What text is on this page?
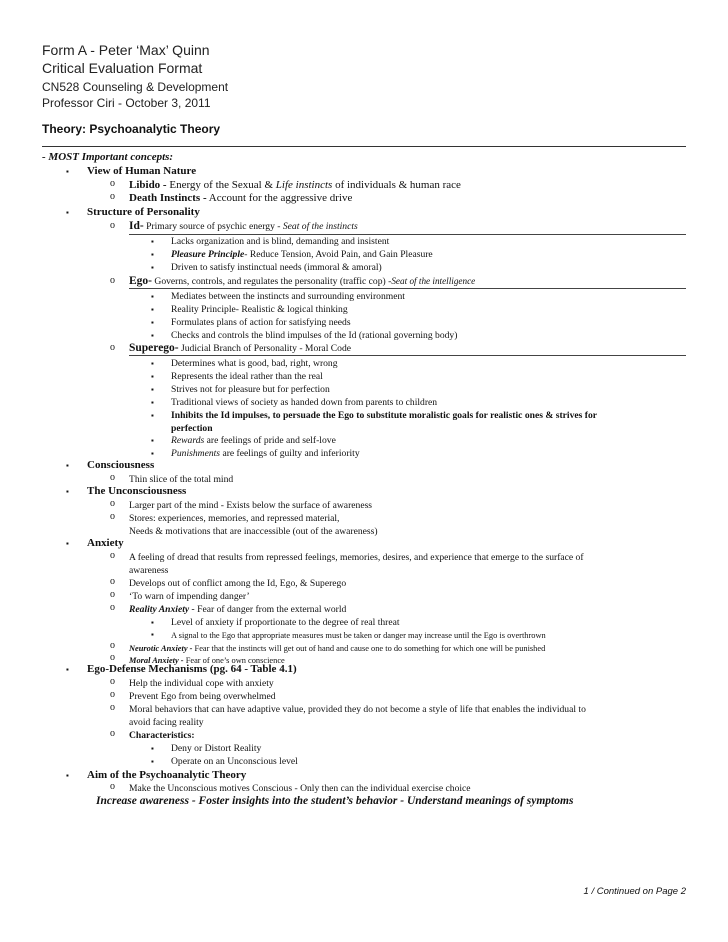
Form A - Peter ‘Max’ Quinn
Critical Evaluation Format
CN528 Counseling & Development
Professor Ciri - October 3, 2011
Theory: Psychoanalytic Theory
- MOST Important concepts:
▪
View of Human Nature
o Libido - Energy of the Sexual & Life instincts of individuals & human race
o Death Instincts - Account for the aggressive drive
▪
Structure of Personality
o Id- Primary source of psychic energy - Seat of the instincts
▪
Lacks organization and is blind, demanding and insistent
▪
Pleasure Principle- Reduce Tension, Avoid Pain, and Gain Pleasure
▪
Driven to satisfy instinctual needs (immoral & amoral)
o Ego- Governs, controls, and regulates the personality (traffic cop) -Seat of the intelligence
▪
Mediates between the instincts and surrounding environment
▪
Reality Principle- Realistic & logical thinking
▪
Formulates plans of action for satisfying needs
▪
Checks and controls the blind impulses of the Id (rational governing body)
o Superego- Judicial Branch of Personality - Moral Code
▪
Determines what is good, bad, right, wrong
▪
Represents the ideal rather than the real
▪
Strives not for pleasure but for perfection
▪
Traditional views of society as handed down from parents to children
▪
Inhibits the Id impulses, to persuade the Ego to substitute moralistic goals for realistic ones & strives for
perfection
▪
Rewards are feelings of pride and self-love
▪
Punishments are feelings of guilty and inferiority
▪
Consciousness
o Thin slice of the total mind
▪
The Unconsciousness
o Larger part of the mind - Exists below the surface of awareness
o Stores: experiences, memories, and repressed material,
Needs & motivations that are inaccessible (out of the awareness)
▪
Anxiety
o A feeling of dread that results from repressed feelings, memories, desires, and experience that emerge to the surface of
awareness
o Develops out of conflict among the Id, Ego, & Superego
o ‘To warn of impending danger’
o Reality Anxiety - Fear of danger from the external world
▪
Level of anxiety if proportionate to the degree of real threat
▪
A signal to the Ego that appropriate measures must be taken or danger may increase until the Ego is overthrown
o Neurotic Anxiety - Fear that the instincts will get out of hand and cause one to do something for which one will be punished
o Moral Anxiety - Fear of one’s own conscience
▪
Ego-Defense Mechanisms (pg. 64 - Table 4.1)
o Help the individual cope with anxiety
o Prevent Ego from being overwhelmed
o Moral behaviors that can have adaptive value, provided they do not become a style of life that enables the individual to
avoid facing reality
o Characteristics:
▪
Deny or Distort Reality
▪
Operate on an Unconscious level
▪
Aim of the Psychoanalytic Theory
o Make the Unconscious motives Conscious - Only then can the individual exercise choice
Increase awareness - Foster insights into the student’s behavior - Understand meanings of symptoms
1 / Continued on Page 2
